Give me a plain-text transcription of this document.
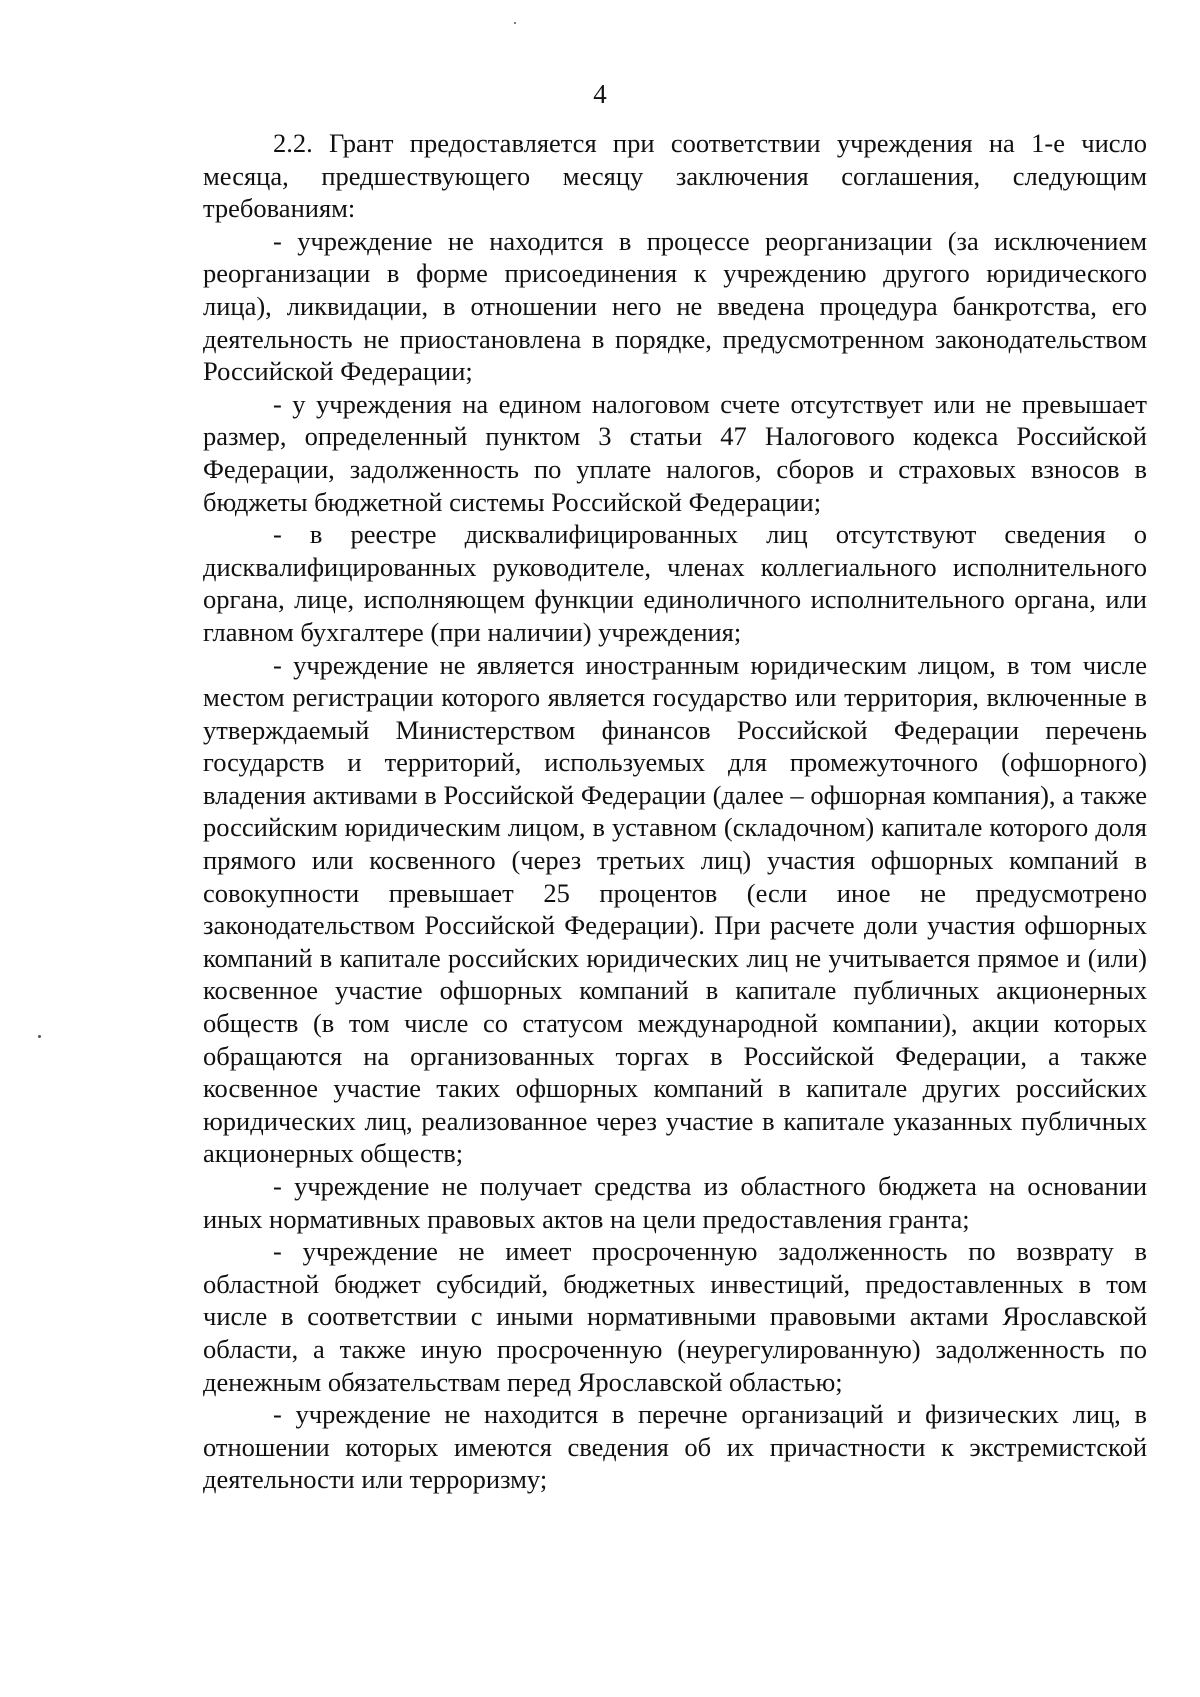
4

2.2. Грант предоставляется при соответствии учреждения на 1-е число месяца, предшествующего месяцу заключения соглашения, следующим требованиям:

- учреждение не находится в процессе реорганизации (за исключением реорганизации в форме присоединения к учреждению другого юридического лица), ликвидации, в отношении него не введена процедура банкротства, его деятельность не приостановлена в порядке, предусмотренном законодательством Российской Федерации;

- у учреждения на едином налоговом счете отсутствует или не превышает размер, определенный пунктом 3 статьи 47 Налогового кодекса Российской Федерации, задолженность по уплате налогов, сборов и страховых взносов в бюджеты бюджетной системы Российской Федерации;

- в реестре дисквалифицированных лиц отсутствуют сведения о дисквалифицированных руководителе, членах коллегиального исполнительного органа, лице, исполняющем функции единоличного исполнительного органа, или главном бухгалтере (при наличии) учреждения;

- учреждение не является иностранным юридическим лицом, в том числе местом регистрации которого является государство или территория, включенные в утверждаемый Министерством финансов Российской Федерации перечень государств и территорий, используемых для промежуточного (офшорного) владения активами в Российской Федерации (далее – офшорная компания), а также российским юридическим лицом, в уставном (складочном) капитале которого доля прямого или косвенного (через третьих лиц) участия офшорных компаний в совокупности превышает 25 процентов (если иное не предусмотрено законодательством Российской Федерации). При расчете доли участия офшорных компаний в капитале российских юридических лиц не учитывается прямое и (или) косвенное участие офшорных компаний в капитале публичных акционерных обществ (в том числе со статусом международной компании), акции которых обращаются на организованных торгах в Российской Федерации, а также косвенное участие таких офшорных компаний в капитале других российских юридических лиц, реализованное через участие в капитале указанных публичных акционерных обществ;

- учреждение не получает средства из областного бюджета на основании иных нормативных правовых актов на цели предоставления гранта;

- учреждение не имеет просроченную задолженность по возврату в областной бюджет субсидий, бюджетных инвестиций, предоставленных в том числе в соответствии с иными нормативными правовыми актами Ярославской области, а также иную просроченную (неурегулированную) задолженность по денежным обязательствам перед Ярославской областью;

- учреждение не находится в перечне организаций и физических лиц, в отношении которых имеются сведения об их причастности к экстремистской деятельности или терроризму;
